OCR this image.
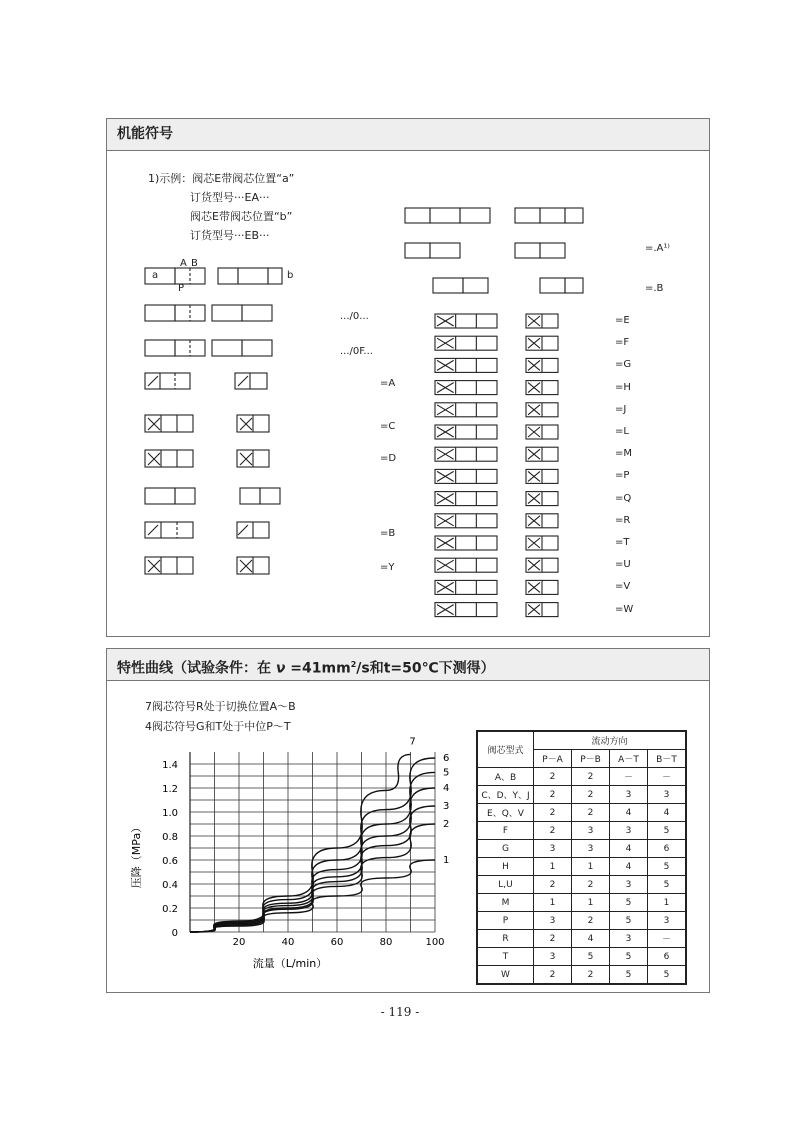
机能符号
1)示例：阀芯E带阀芯位置“a”
订货型号···EA···
阀芯E带阀芯位置“b”
订货型号···EB···
a
A B
P
b
.../0...
.../0F...
=A
=C
=D
=B
=Y
=.A¹⁾
=.B
=E
=F
=G
=H
=J
=L
=M
=P
=Q
=R
=T
=U
=V
=W
特性曲线（试验条件：在 $\nu =41mm^2/s$和t=50℃下测得）
7阀芯符号R处于切换位置A～B
4阀芯符号G和T处于中位P～T
20	40	60	80	100
0
0.2
0.4
0.6
0.8
1.0
1.2
1.4
流量（L/min）
压降（MPa）	1
2
3
4
5
6
7
阀芯型式	流动方向			
	P－A	P－B	A－T	B－T
A、B	2	2	－	－
C、D、Y、J	2	2	3	3
E、Q、V	2	2	4	4
F	2	3	3	5
G	3	3	4	6
H	1	1	4	5
L,U	2	2	3	5
M	1	1	5	1
P	3	2	5	3
R	2	4	3	－
T	3	5	5	6
W	2	2	5	5
- 119 -
